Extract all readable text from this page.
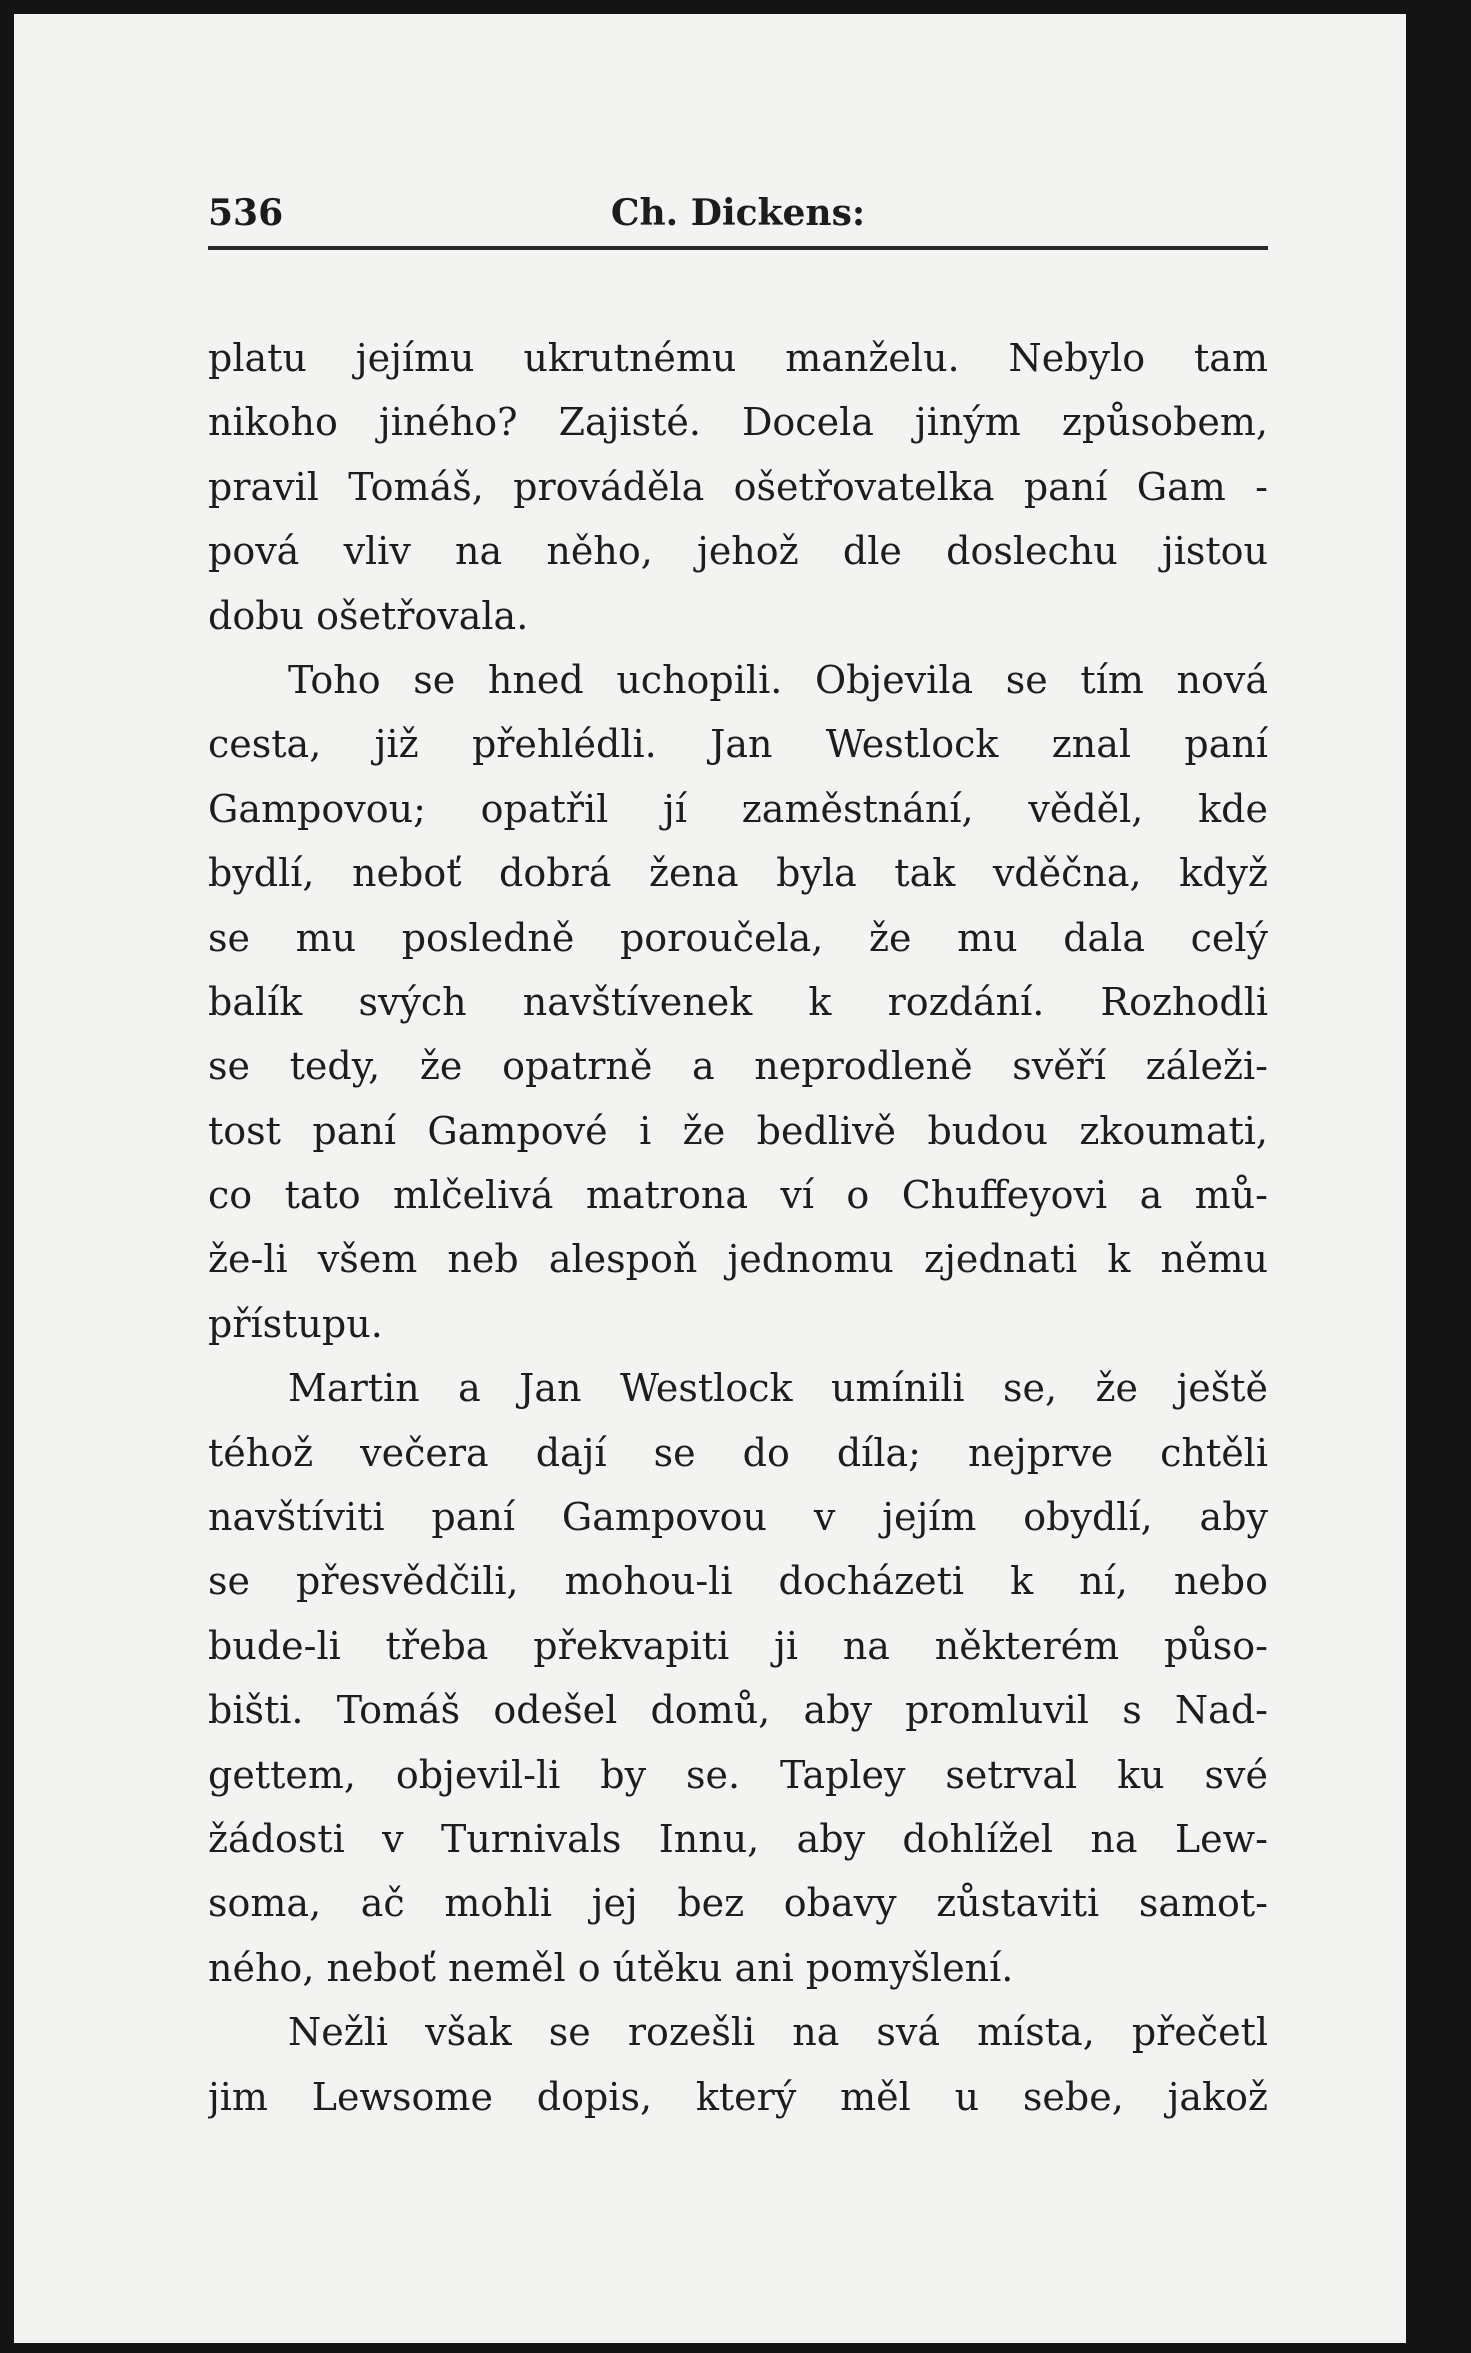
536	Ch. Dickens:
platu jejímu ukrutnému manželu. Nebylo tam
nikoho jiného? Zajisté. Docela jiným způsobem,
pravil Tomáš, prováděla ošetřovatelka paní Gam -
pová vliv na něho, jehož dle doslechu jistou
dobu ošetřovala.
Toho se hned uchopili. Objevila se tím nová
cesta, již přehlédli. Jan Westlock znal paní
Gampovou; opatřil jí zaměstnání, věděl, kde
bydlí, neboť dobrá žena byla tak vděčna, když
se mu posledně poroučela, že mu dala celý
balík svých navštívenek k rozdání. Rozhodli
se tedy, že opatrně a neprodleně svěří záleži-
tost paní Gampové i že bedlivě budou zkoumati,
co tato mlčelivá matrona ví o Chuffeyovi a mů-
že-li všem neb alespoň jednomu zjednati k němu
přístupu.
Martin a Jan Westlock umínili se, že ještě
téhož večera dají se do díla; nejprve chtěli
navštíviti paní Gampovou v jejím obydlí, aby
se přesvědčili, mohou-li docházeti k ní, nebo
bude-li třeba překvapiti ji na některém půso-
bišti. Tomáš odešel domů, aby promluvil s Nad-
gettem, objevil-li by se. Tapley setrval ku své
žádosti v Turnivals Innu, aby dohlížel na Lew-
soma, ač mohli jej bez obavy zůstaviti samot-
ného, neboť neměl o útěku ani pomyšlení.
Nežli však se rozešli na svá místa, přečetl
jim Lewsome dopis, který měl u sebe, jakož
